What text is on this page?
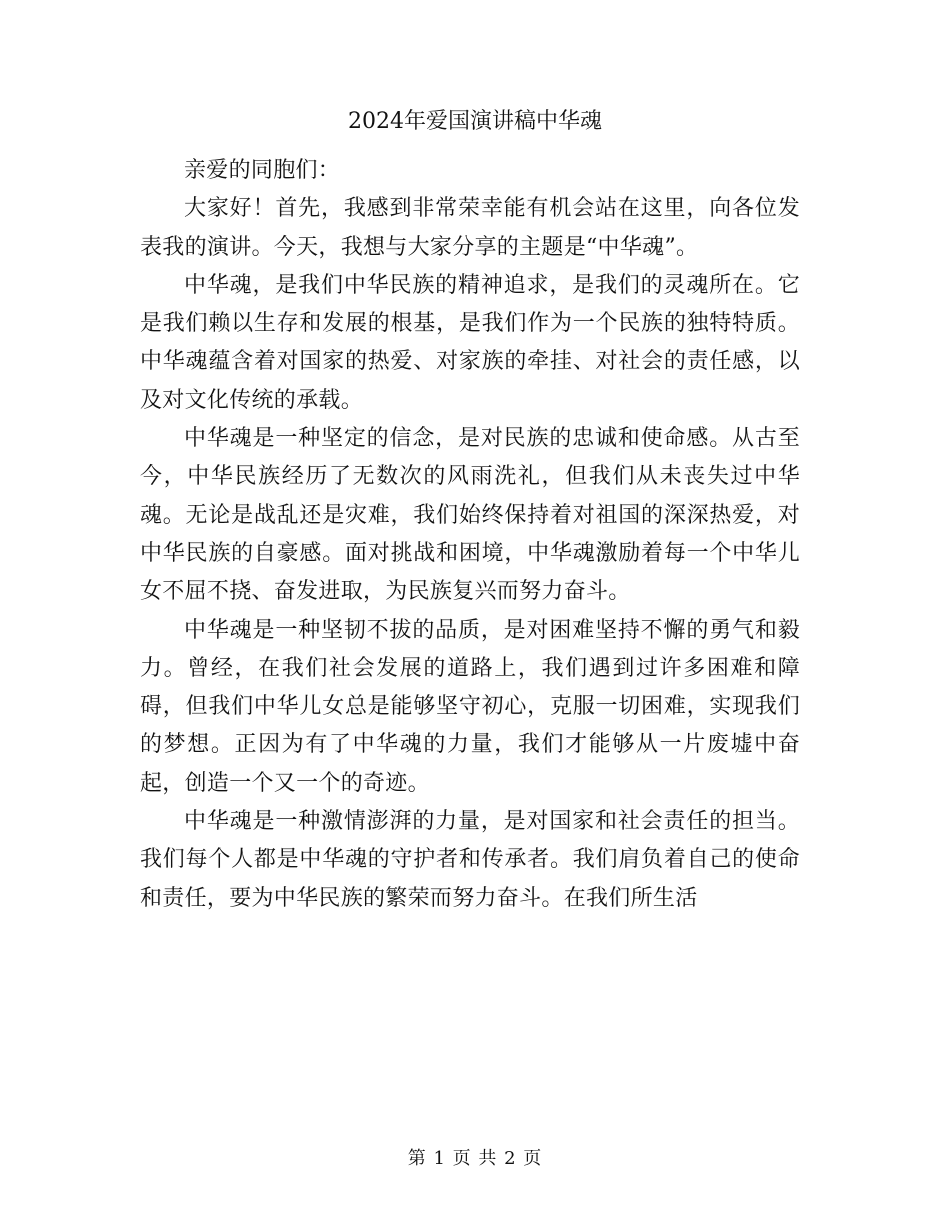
2024年爱国演讲稿中华魂

亲爱的同胞们：

大家好！首先，我感到非常荣幸能有机会站在这里，向各位发表我的演讲。今天，我想与大家分享的主题是“中华魂”。

中华魂，是我们中华民族的精神追求，是我们的灵魂所在。它是我们赖以生存和发展的根基，是我们作为一个民族的独特特质。中华魂蕴含着对国家的热爱、对家族的牵挂、对社会的责任感，以及对文化传统的承载。

中华魂是一种坚定的信念，是对民族的忠诚和使命感。从古至今，中华民族经历了无数次的风雨洗礼，但我们从未丧失过中华魂。无论是战乱还是灾难，我们始终保持着对祖国的深深热爱，对中华民族的自豪感。面对挑战和困境，中华魂激励着每一个中华儿女不屈不挠、奋发进取，为民族复兴而努力奋斗。

中华魂是一种坚韧不拔的品质，是对困难坚持不懈的勇气和毅力。曾经，在我们社会发展的道路上，我们遇到过许多困难和障碍，但我们中华儿女总是能够坚守初心，克服一切困难，实现我们的梦想。正因为有了中华魂的力量，我们才能够从一片废墟中奋起，创造一个又一个的奇迹。

中华魂是一种激情澎湃的力量，是对国家和社会责任的担当。我们每个人都是中华魂的守护者和传承者。我们肩负着自己的使命和责任，要为中华民族的繁荣而努力奋斗。在我们所生活

第 1 页 共 2 页
